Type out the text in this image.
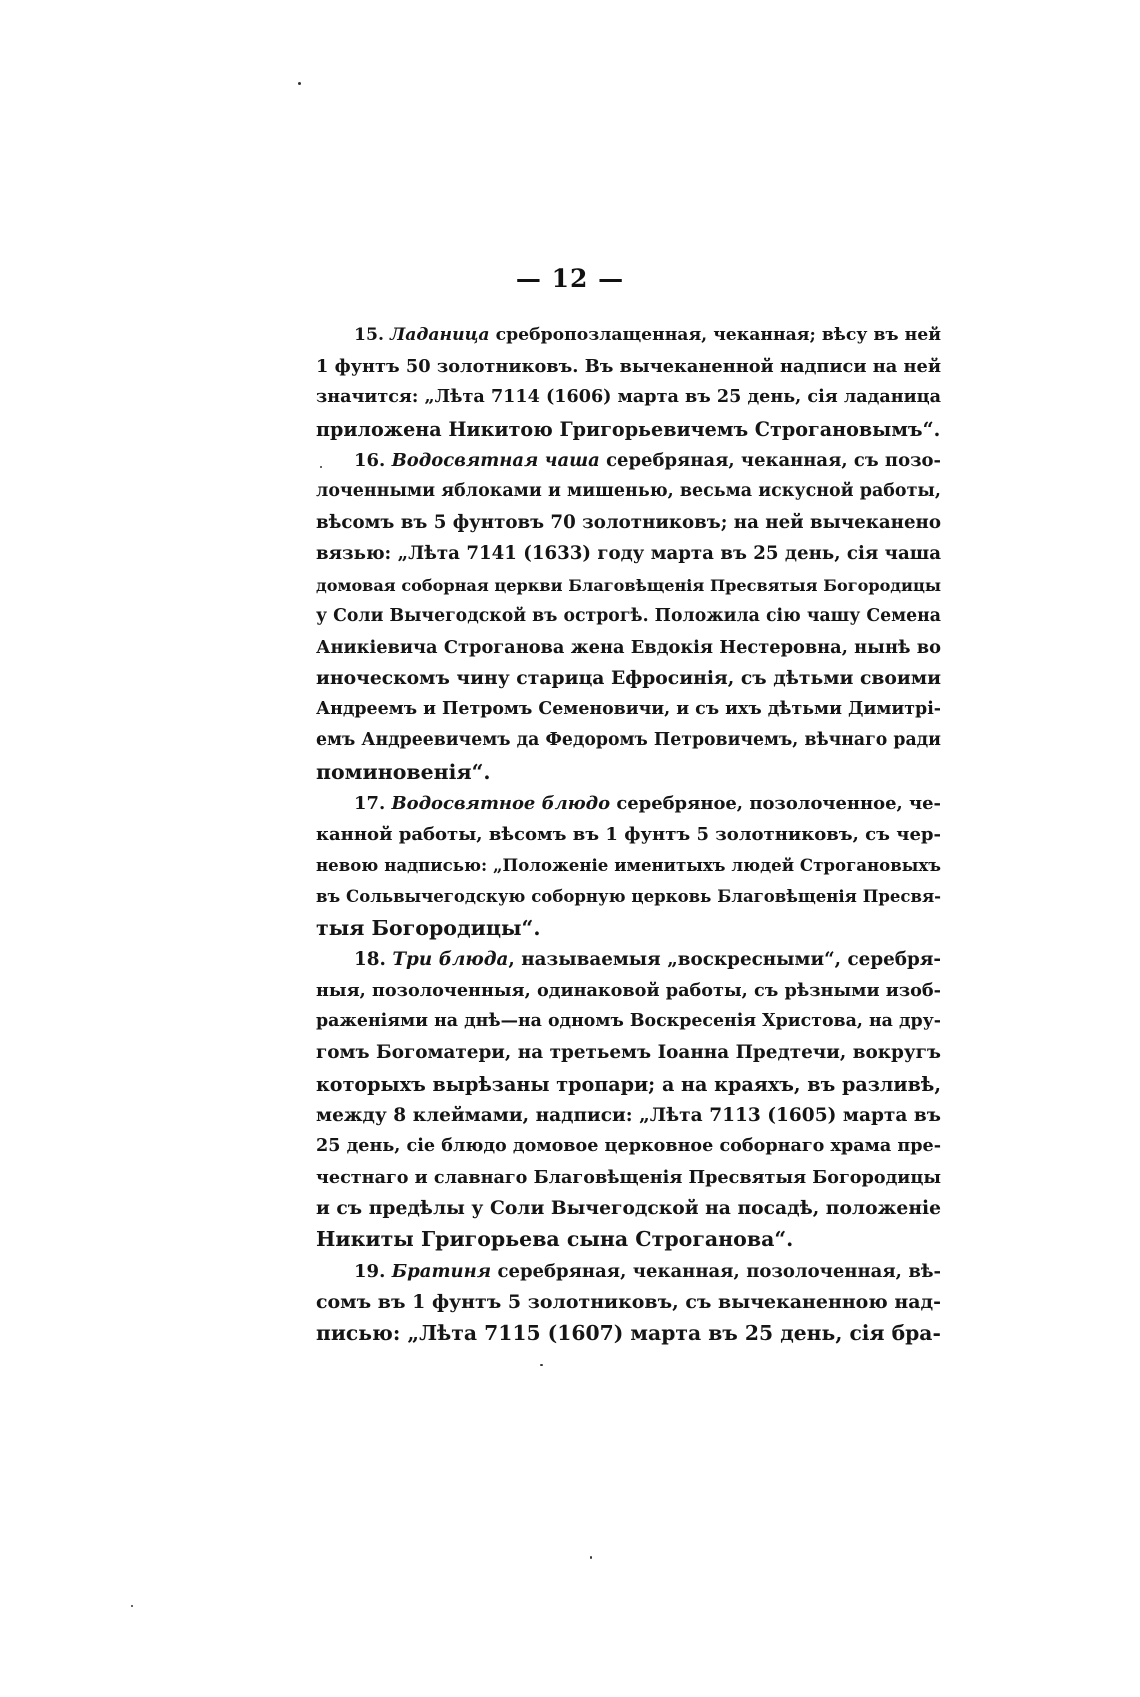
— 12 —
15. Ладаница сребропозлащенная, чеканная; вѣсу въ ней
1 фунтъ 50 золотниковъ. Въ вычеканенной надписи на ней
значится: „Лѣта 7114 (1606) марта въ 25 день, сія ладаница
приложена Никитою Григорьевичемъ Строгановымъ“.
16. Водосвятная чаша серебряная, чеканная, съ позо-
лоченными яблоками и мишенью, весьма искусной работы,
вѣсомъ въ 5 фунтовъ 70 золотниковъ; на ней вычеканено
вязью: „Лѣта 7141 (1633) году марта въ 25 день, сія чаша
домовая соборная церкви Благовѣщенія Пресвятыя Богородицы
у Соли Вычегодской въ острогѣ. Положила сію чашу Семена
Аникіевича Строганова жена Евдокія Нестеровна, нынѣ во
иноческомъ чину старица Ефросинія, съ дѣтьми своими
Андреемъ и Петромъ Семеновичи, и съ ихъ дѣтьми Димитрі-
емъ Андреевичемъ да Федоромъ Петровичемъ, вѣчнаго ради
поминовенія“.
17. Водосвятное блюдо серебряное, позолоченное, че-
канной работы, вѣсомъ въ 1 фунтъ 5 золотниковъ, съ чер-
невою надписью: „Положеніе именитыхъ людей Строгановыхъ
въ Сольвычегодскую соборную церковь Благовѣщенія Пресвя-
тыя Богородицы“.
18. Три блюда, называемыя „воскресными“, серебря-
ныя, позолоченныя, одинаковой работы, съ рѣзными изоб-
раженіями на днѣ—на одномъ Воскресенія Христова, на дру-
гомъ Богоматери, на третьемъ Іоанна Предтечи, вокругъ
которыхъ вырѣзаны тропари; а на краяхъ, въ разливѣ,
между 8 клеймами, надписи: „Лѣта 7113 (1605) марта въ
25 день, сіе блюдо домовое церковное соборнаго храма пре-
честнаго и славнаго Благовѣщенія Пресвятыя Богородицы
и съ предѣлы у Соли Вычегодской на посадѣ, положеніе
Никиты Григорьева сына Строганова“.
19. Братиня серебряная, чеканная, позолоченная, вѣ-
сомъ въ 1 фунтъ 5 золотниковъ, съ вычеканенною над-
писью: „Лѣта 7115 (1607) марта въ 25 день, сія бра-
